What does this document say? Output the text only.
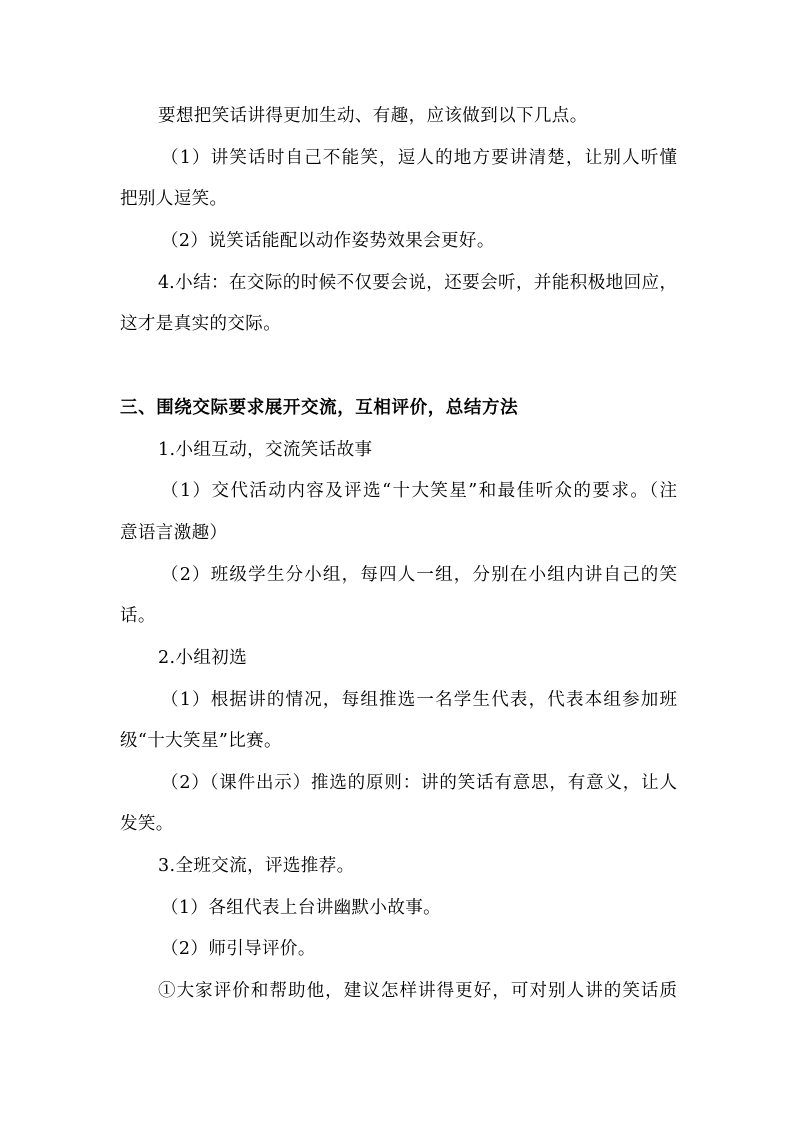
要想把笑话讲得更加生动、有趣，应该做到以下几点。
（1）讲笑话时自己不能笑，逗人的地方要讲清楚，让别人听懂
把别人逗笑。
（2）说笑话能配以动作姿势效果会更好。
4.小结：在交际的时候不仅要会说，还要会听，并能积极地回应，
这才是真实的交际。
三、围绕交际要求展开交流，互相评价，总结方法
1.小组互动，交流笑话故事
（1）交代活动内容及评选“十大笑星”和最佳听众的要求。（注
意语言激趣）
（2）班级学生分小组，每四人一组，分别在小组内讲自己的笑
话。
2.小组初选
（1）根据讲的情况，每组推选一名学生代表，代表本组参加班
级“十大笑星”比赛。
（2）（课件出示）推选的原则：讲的笑话有意思，有意义，让人
发笑。
3.全班交流，评选推荐。
（1）各组代表上台讲幽默小故事。
（2）师引导评价。
①大家评价和帮助他，建议怎样讲得更好，可对别人讲的笑话质
